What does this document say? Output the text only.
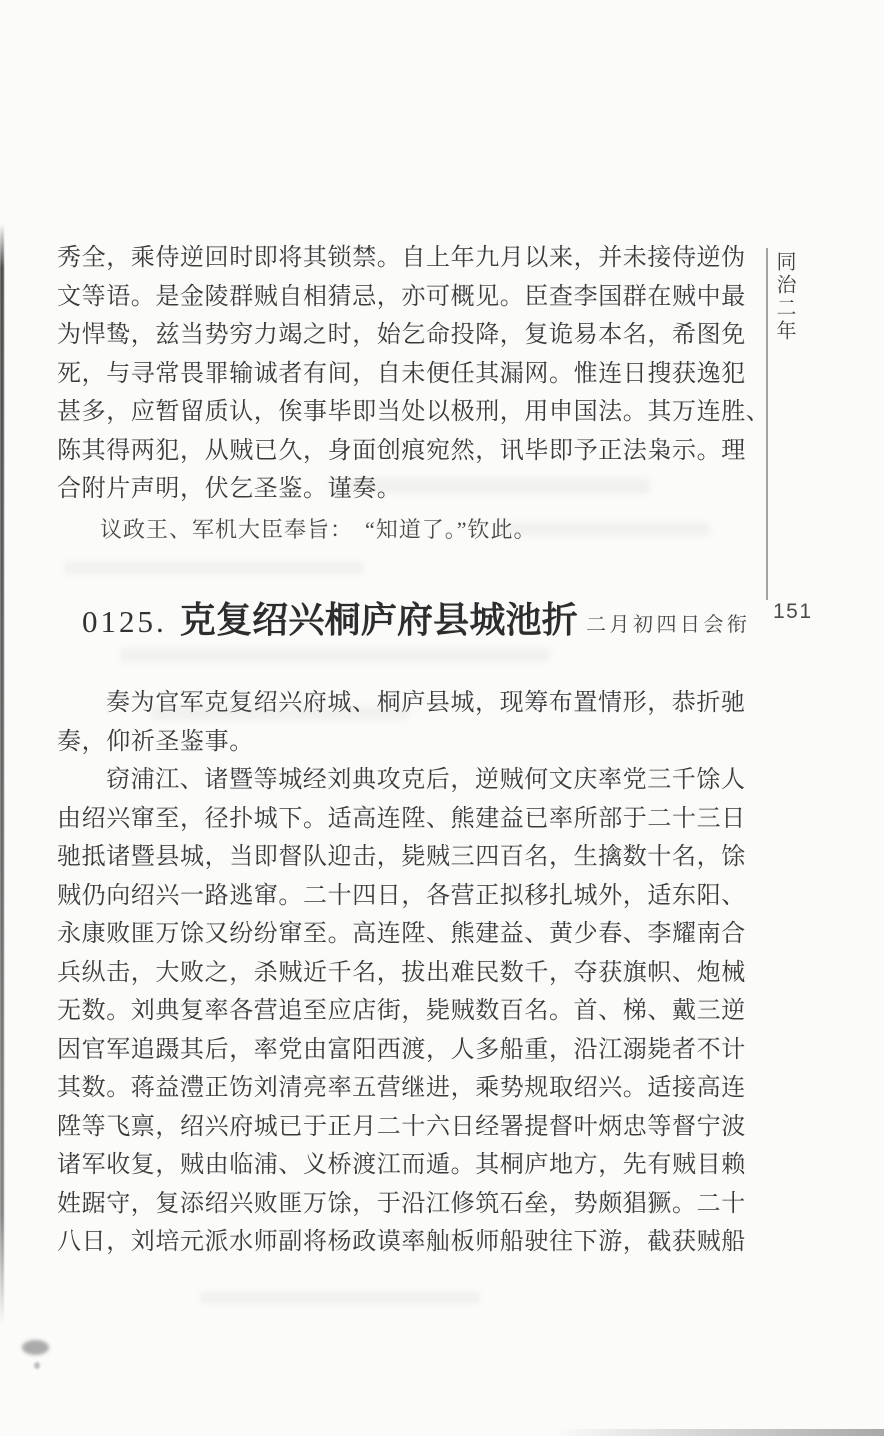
同治二年
151
秀全，乘侍逆回时即将其锁禁。自上年九月以来，并未接侍逆伪
文等语。是金陵群贼自相猜忌，亦可概见。臣查李国群在贼中最
为悍鸷，兹当势穷力竭之时，始乞命投降，复诡易本名，希图免
死，与寻常畏罪输诚者有间，自未便任其漏网。惟连日搜获逸犯
甚多，应暂留质认，俟事毕即当处以极刑，用申国法。其万连胜、
陈其得两犯，从贼已久，身面创痕宛然，讯毕即予正法枭示。理
合附片声明，伏乞圣鉴。谨奏。
议政王、军机大臣奉旨：　“知道了。”钦此。
0125. 克复绍兴桐庐府县城池折 二月初四日会衔
奏为官军克复绍兴府城、桐庐县城，现筹布置情形，恭折驰
奏，仰祈圣鉴事。
窃浦江、诸暨等城经刘典攻克后，逆贼何文庆率党三千馀人
由绍兴窜至，径扑城下。适高连陞、熊建益已率所部于二十三日
驰抵诸暨县城，当即督队迎击，毙贼三四百名，生擒数十名，馀
贼仍向绍兴一路逃窜。二十四日，各营正拟移扎城外，适东阳、
永康败匪万馀又纷纷窜至。高连陞、熊建益、黄少春、李耀南合
兵纵击，大败之，杀贼近千名，拔出难民数千，夺获旗帜、炮械
无数。刘典复率各营追至应店街，毙贼数百名。首、梯、戴三逆
因官军追蹑其后，率党由富阳西渡，人多船重，沿江溺毙者不计
其数。蒋益澧正饬刘清亮率五营继进，乘势规取绍兴。适接高连
陞等飞禀，绍兴府城已于正月二十六日经署提督叶炳忠等督宁波
诸军收复，贼由临浦、义桥渡江而遁。其桐庐地方，先有贼目赖
姓踞守，复添绍兴败匪万馀，于沿江修筑石垒，势颇猖獗。二十
八日，刘培元派水师副将杨政谟率舢板师船驶往下游，截获贼船
